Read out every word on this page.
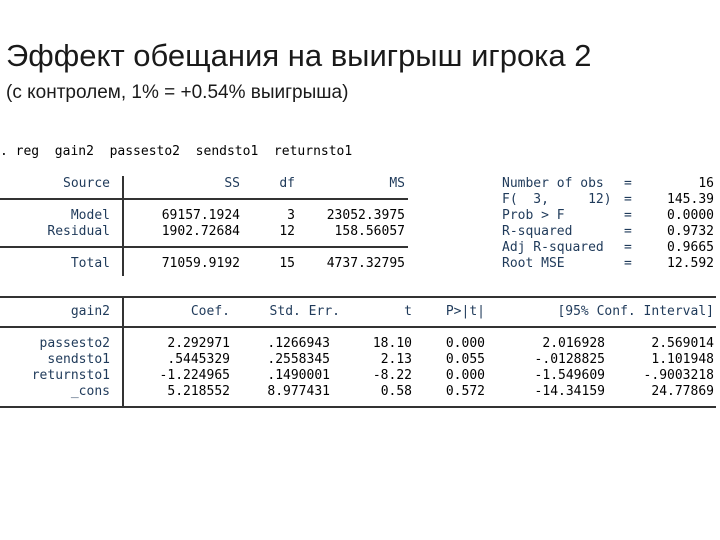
Эффект обещания на выигрыш игрока 2
(с контролем, 1% = +0.54% выигрыша)
. reg  gain2  passesto2  sendsto1  returnsto1
Source	SS	df	MS
Model	69157.1924	3	23052.3975
Residual	1902.72684	12	158.56057
Total	71059.9192	15	4737.32795
Number of obs =	16
F(  3,     12) =	145.39
Prob > F	=	0.0000
R-squared	=	0.9732
Adj R-squared =	0.9665
Root MSE	=	12.592
gain2	Coef.	Std. Err.	t	P>|t|	[95% Conf. Interval]
passesto2	2.292971	.1266943	18.10	0.000	2.016928	2.569014
sendsto1	.5445329	.2558345	2.13	0.055	-.0128825	1.101948
returnsto1	-1.224965	.1490001	-8.22	0.000	-1.549609	-.9003218
_cons	5.218552	8.977431	0.58	0.572	-14.34159	24.77869
